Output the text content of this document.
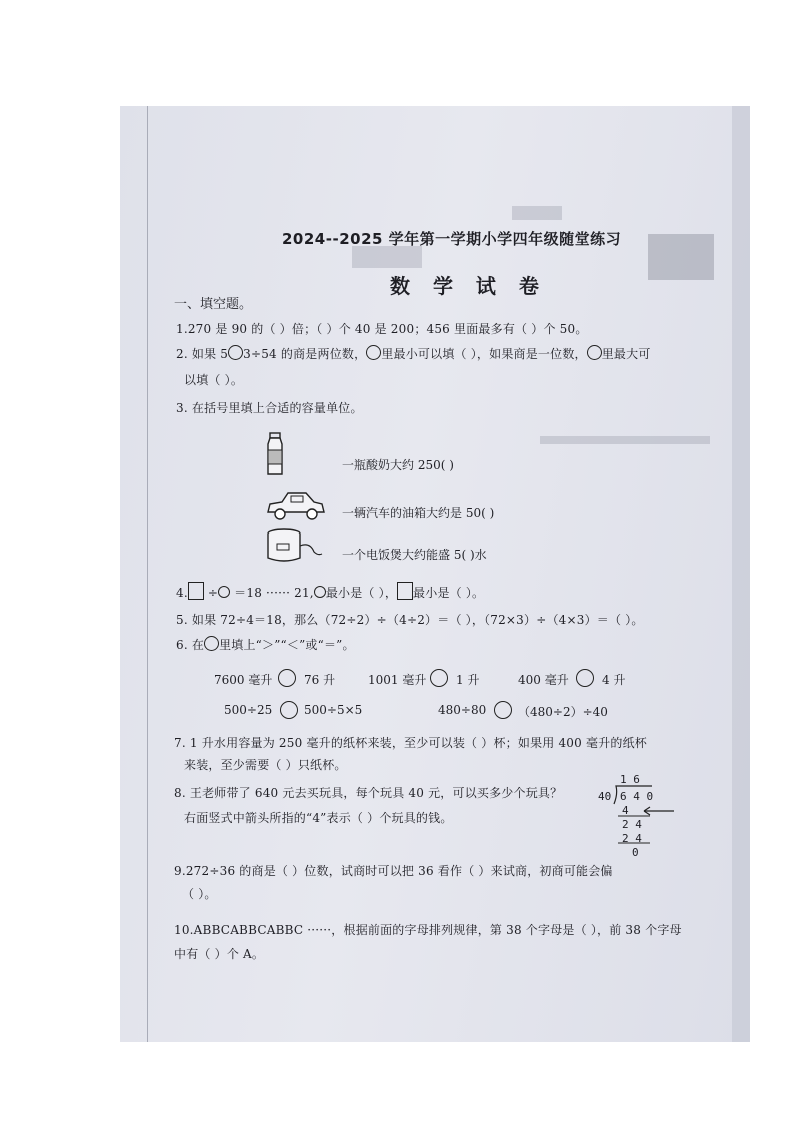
2024--2025 学年第一学期小学四年级随堂练习
数 学 试 卷
一、填空题。
1.270 是 90 的（ ）倍；（ ）个 40 是 200；456 里面最多有（ ）个 50。
2. 如果 5 3÷54 的商是两位数， 里最小可以填（ ），如果商是一位数， 里最大可
以填（ ）。
3. 在括号里填上合适的容量单位。
一瓶酸奶大约 250( )
一辆汽车的油箱大约是 50( )
一个电饭煲大约能盛 5( )水
4. ÷ ＝18 ······ 21, 最小是（ ）， 最小是（ ）。
5. 如果 72÷4＝18，那么（72÷2）÷（4÷2）＝（ ），（72×3）÷（4×3）＝（ ）。
6. 在 里填上“＞”“＜”或“＝”。
7600 毫升	76 升	1001 毫升 1 升	400 毫升	4 升
500÷25	500÷5×5	480÷80	（480÷2）÷40
7. 1 升水用容量为 250 毫升的纸杯来装，至少可以装（ ）杯；如果用 400 毫升的纸杯
来装，至少需要（ ）只纸杯。
8. 王老师带了 640 元去买玩具，每个玩具 40 元，可以买多少个玩具？
右面竖式中箭头所指的“4”表示（ ）个玩具的钱。
1 6
40 6 4 0
4
2 4
2 4
0
9.272÷36 的商是（ ）位数，试商时可以把 36 看作（ ）来试商，初商可能会偏
（ ）。
10.ABBCABBCABBC ······，根据前面的字母排列规律，第 38 个字母是（ ），前 38 个字母
中有（ ）个 A。
